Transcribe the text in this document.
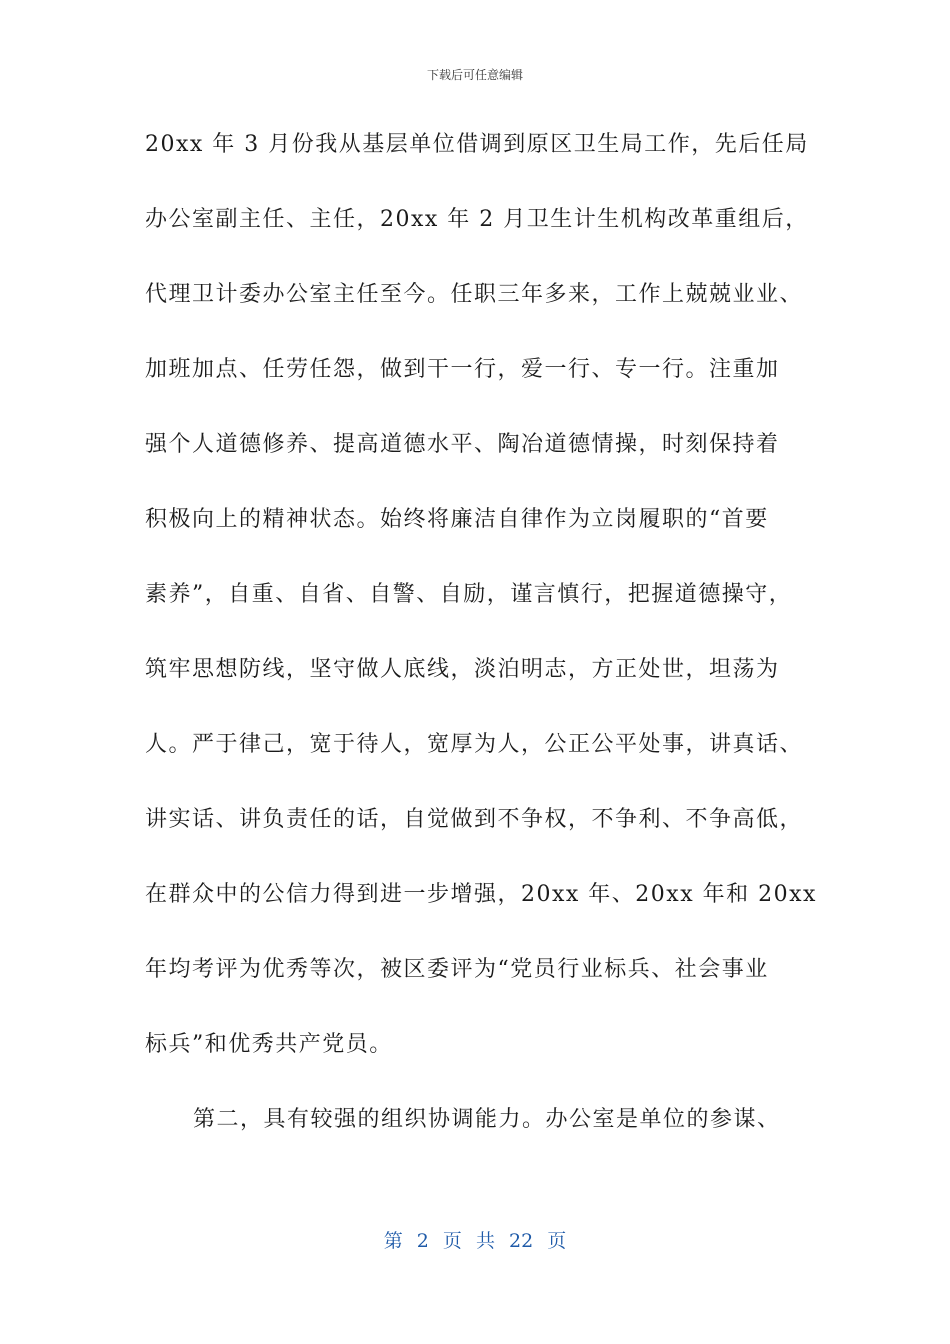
下载后可任意编辑
20xx 年 3 月份我从基层单位借调到原区卫生局工作，先后任局
办公室副主任、主任，20xx 年 2 月卫生计生机构改革重组后，
代理卫计委办公室主任至今。任职三年多来，工作上兢兢业业、
加班加点、任劳任怨，做到干一行，爱一行、专一行。注重加
强个人道德修养、提高道德水平、陶冶道德情操，时刻保持着
积极向上的精神状态。始终将廉洁自律作为立岗履职的“首要
素养”，自重、自省、自警、自励，谨言慎行，把握道德操守，
筑牢思想防线，坚守做人底线，淡泊明志，方正处世，坦荡为
人。严于律己，宽于待人，宽厚为人，公正公平处事，讲真话、
讲实话、讲负责任的话，自觉做到不争权，不争利、不争高低，
在群众中的公信力得到进一步增强，20xx 年、20xx 年和 20xx
年均考评为优秀等次，被区委评为“党员行业标兵、社会事业
标兵”和优秀共产党员。
第二，具有较强的组织协调能力。办公室是单位的参谋、
第 2 页 共 22 页
